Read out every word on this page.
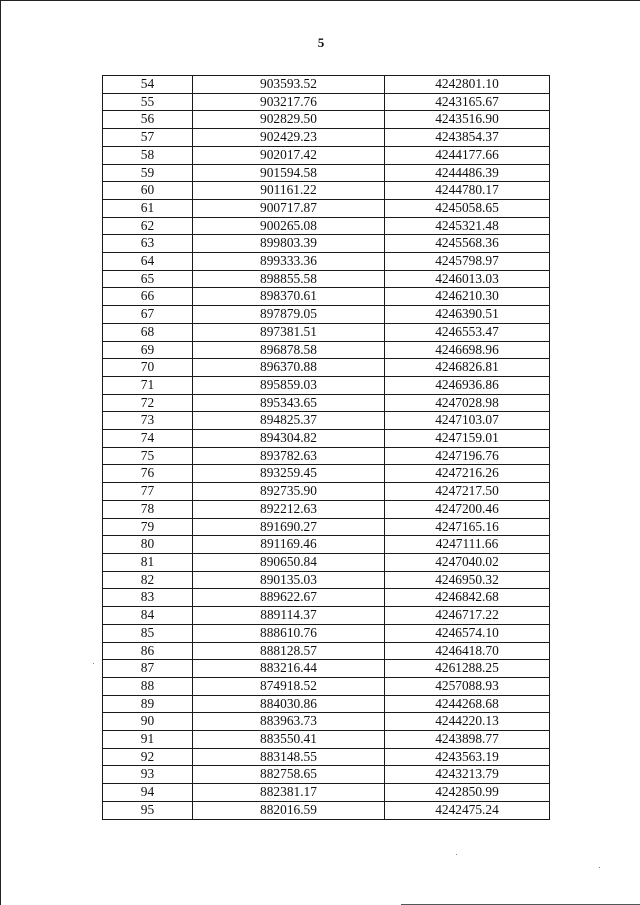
5
54	903593.52	4242801.10
55	903217.76	4243165.67
56	902829.50	4243516.90
57	902429.23	4243854.37
58	902017.42	4244177.66
59	901594.58	4244486.39
60	901161.22	4244780.17
61	900717.87	4245058.65
62	900265.08	4245321.48
63	899803.39	4245568.36
64	899333.36	4245798.97
65	898855.58	4246013.03
66	898370.61	4246210.30
67	897879.05	4246390.51
68	897381.51	4246553.47
69	896878.58	4246698.96
70	896370.88	4246826.81
71	895859.03	4246936.86
72	895343.65	4247028.98
73	894825.37	4247103.07
74	894304.82	4247159.01
75	893782.63	4247196.76
76	893259.45	4247216.26
77	892735.90	4247217.50
78	892212.63	4247200.46
79	891690.27	4247165.16
80	891169.46	4247111.66
81	890650.84	4247040.02
82	890135.03	4246950.32
83	889622.67	4246842.68
84	889114.37	4246717.22
85	888610.76	4246574.10
86	888128.57	4246418.70
87	883216.44	4261288.25
88	874918.52	4257088.93
89	884030.86	4244268.68
90	883963.73	4244220.13
91	883550.41	4243898.77
92	883148.55	4243563.19
93	882758.65	4243213.79
94	882381.17	4242850.99
95	882016.59	4242475.24
